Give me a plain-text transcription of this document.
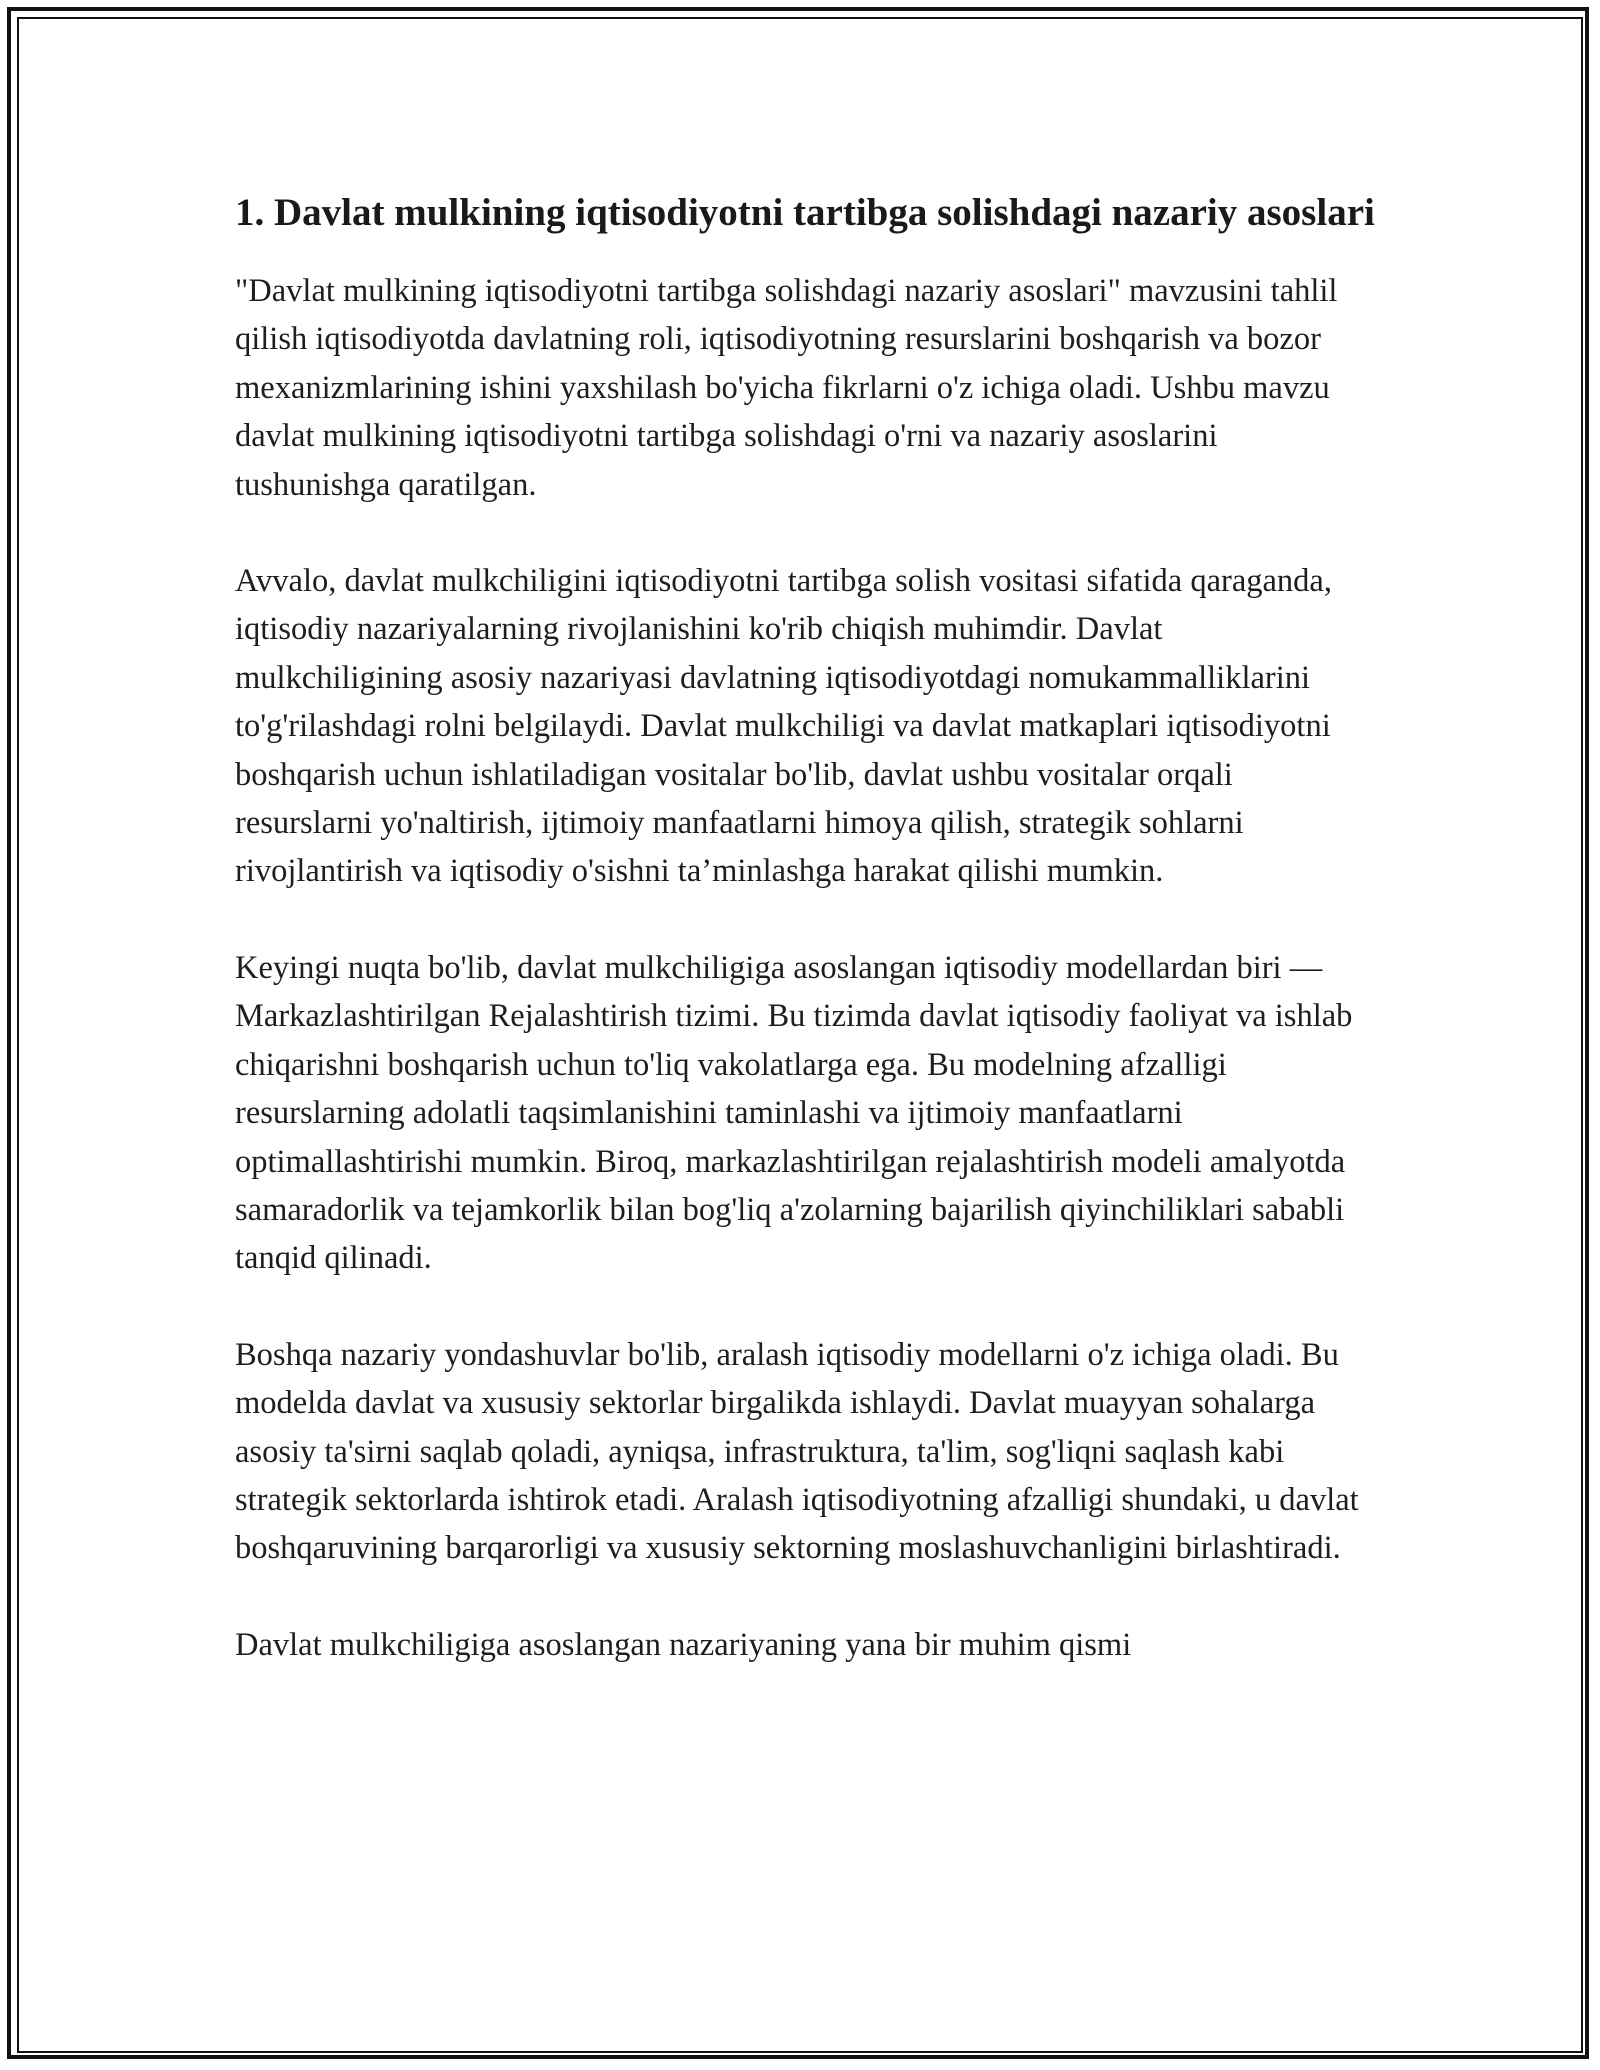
1. Davlat mulkining iqtisodiyotni tartibga solishdagi nazariy asoslari

"Davlat mulkining iqtisodiyotni tartibga solishdagi nazariy asoslari" mavzusini tahlil qilish iqtisodiyotda davlatning roli, iqtisodiyotning resurslarini boshqarish va bozor mexanizmlarining ishini yaxshilash bo'yicha fikrlarni o'z ichiga oladi. Ushbu mavzu davlat mulkining iqtisodiyotni tartibga solishdagi o'rni va nazariy asoslarini tushunishga qaratilgan.

Avvalo, davlat mulkchiligini iqtisodiyotni tartibga solish vositasi sifatida qaraganda, iqtisodiy nazariyalarning rivojlanishini ko'rib chiqish muhimdir. Davlat mulkchiligining asosiy nazariyasi davlatning iqtisodiyotdagi nomukammalliklarini to'g'rilashdagi rolni belgilaydi. Davlat mulkchiligi va davlat matkaplari iqtisodiyotni boshqarish uchun ishlatiladigan vositalar bo'lib, davlat ushbu vositalar orqali resurslarni yo'naltirish, ijtimoiy manfaatlarni himoya qilish, strategik sohlarni rivojlantirish va iqtisodiy o'sishni ta’minlashga harakat qilishi mumkin.

Keyingi nuqta bo'lib, davlat mulkchiligiga asoslangan iqtisodiy modellardan biri — Markazlashtirilgan Rejalashtirish tizimi. Bu tizimda davlat iqtisodiy faoliyat va ishlab chiqarishni boshqarish uchun to'liq vakolatlarga ega. Bu modelning afzalligi resurslarning adolatli taqsimlanishini taminlashi va ijtimoiy manfaatlarni optimallashtirishi mumkin. Biroq, markazlashtirilgan rejalashtirish modeli amalyotda samaradorlik va tejamkorlik bilan bog'liq a'zolarning bajarilish qiyinchiliklari sababli tanqid qilinadi.

Boshqa nazariy yondashuvlar bo'lib, aralash iqtisodiy modellarni o'z ichiga oladi. Bu modelda davlat va xususiy sektorlar birgalikda ishlaydi. Davlat muayyan sohalarga asosiy ta'sirni saqlab qoladi, ayniqsa, infrastruktura, ta'lim, sog'liqni saqlash kabi strategik sektorlarda ishtirok etadi. Aralash iqtisodiyotning afzalligi shundaki, u davlat boshqaruvining barqarorligi va xususiy sektorning moslashuvchanligini birlashtiradi.

Davlat mulkchiligiga asoslangan nazariyaning yana bir muhim qismi
